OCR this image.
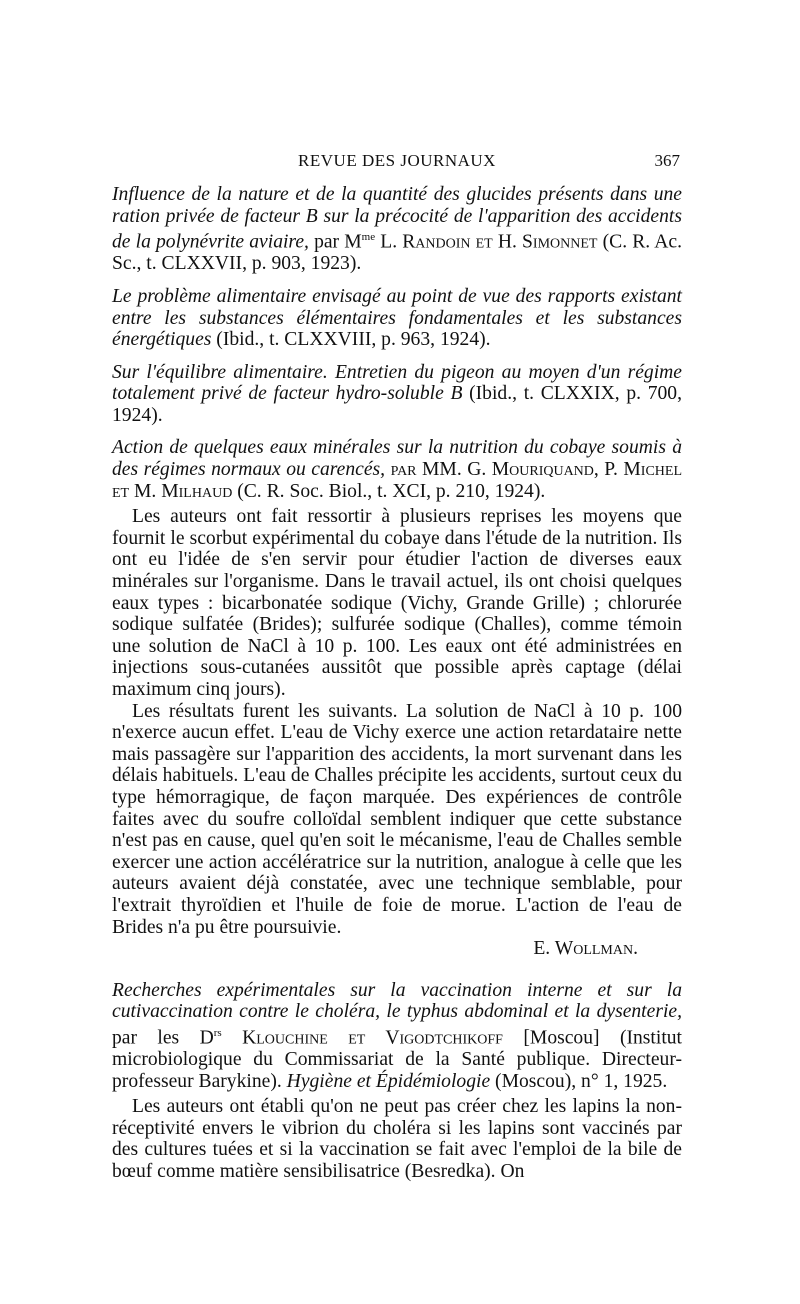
REVUE DES JOURNAUX	367

Influence de la nature et de la quantité des glucides présents dans une ration privée de facteur B sur la précocité de l'apparition des accidents de la polynévrite aviaire, par $M^{me}$ L. Randoin et H. Simonnet (C. R. Ac. Sc., t. CLXXVII, p. 903, 1923).

Le problème alimentaire envisagé au point de vue des rapports existant entre les substances élémentaires fondamentales et les substances énergétiques (Ibid., t. CLXXVIII, p. 963, 1924).

Sur l'équilibre alimentaire. Entretien du pigeon au moyen d'un régime totalement privé de facteur hydro-soluble B (Ibid., t. CLXXIX, p. 700, 1924).

Action de quelques eaux minérales sur la nutrition du cobaye soumis à des régimes normaux ou carencés, par MM. G. Mouriquand, P. Michel et M. Milhaud (C. R. Soc. Biol., t. XCI, p. 210, 1924).

Les auteurs ont fait ressortir à plusieurs reprises les moyens que fournit le scorbut expérimental du cobaye dans l'étude de la nutrition. Ils ont eu l'idée de s'en servir pour étudier l'action de diverses eaux minérales sur l'organisme. Dans le travail actuel, ils ont choisi quelques eaux types : bicarbonatée sodique (Vichy, Grande Grille) ; chlorurée sodique sulfatée (Brides); sulfurée sodique (Challes), comme témoin une solution de NaCl à 10 p. 100. Les eaux ont été administrées en injections sous-cutanées aussitôt que possible après captage (délai maximum cinq jours).

Les résultats furent les suivants. La solution de NaCl à 10 p. 100 n'exerce aucun effet. L'eau de Vichy exerce une action retardataire nette mais passagère sur l'apparition des accidents, la mort survenant dans les délais habituels. L'eau de Challes précipite les accidents, surtout ceux du type hémorragique, de façon marquée. Des expériences de contrôle faites avec du soufre colloïdal semblent indiquer que cette substance n'est pas en cause, quel qu'en soit le mécanisme, l'eau de Challes semble exercer une action accélératrice sur la nutrition, analogue à celle que les auteurs avaient déjà constatée, avec une technique semblable, pour l'extrait thyroïdien et l'huile de foie de morue. L'action de l'eau de Brides n'a pu être poursuivie.

E. Wollman.

Recherches expérimentales sur la vaccination interne et sur la cutivaccination contre le choléra, le typhus abdominal et la dysenterie, par les $D^{rs}$ Klouchine et Vigodtchikoff [Moscou] (Institut microbiologique du Commissariat de la Santé publique. Directeur-professeur Barykine). Hygiène et Épidémiologie (Moscou), n° 1, 1925.

Les auteurs ont établi qu'on ne peut pas créer chez les lapins la non-réceptivité envers le vibrion du choléra si les lapins sont vaccinés par des cultures tuées et si la vaccination se fait avec l'emploi de la bile de bœuf comme matière sensibilisatrice (Besredka). On
